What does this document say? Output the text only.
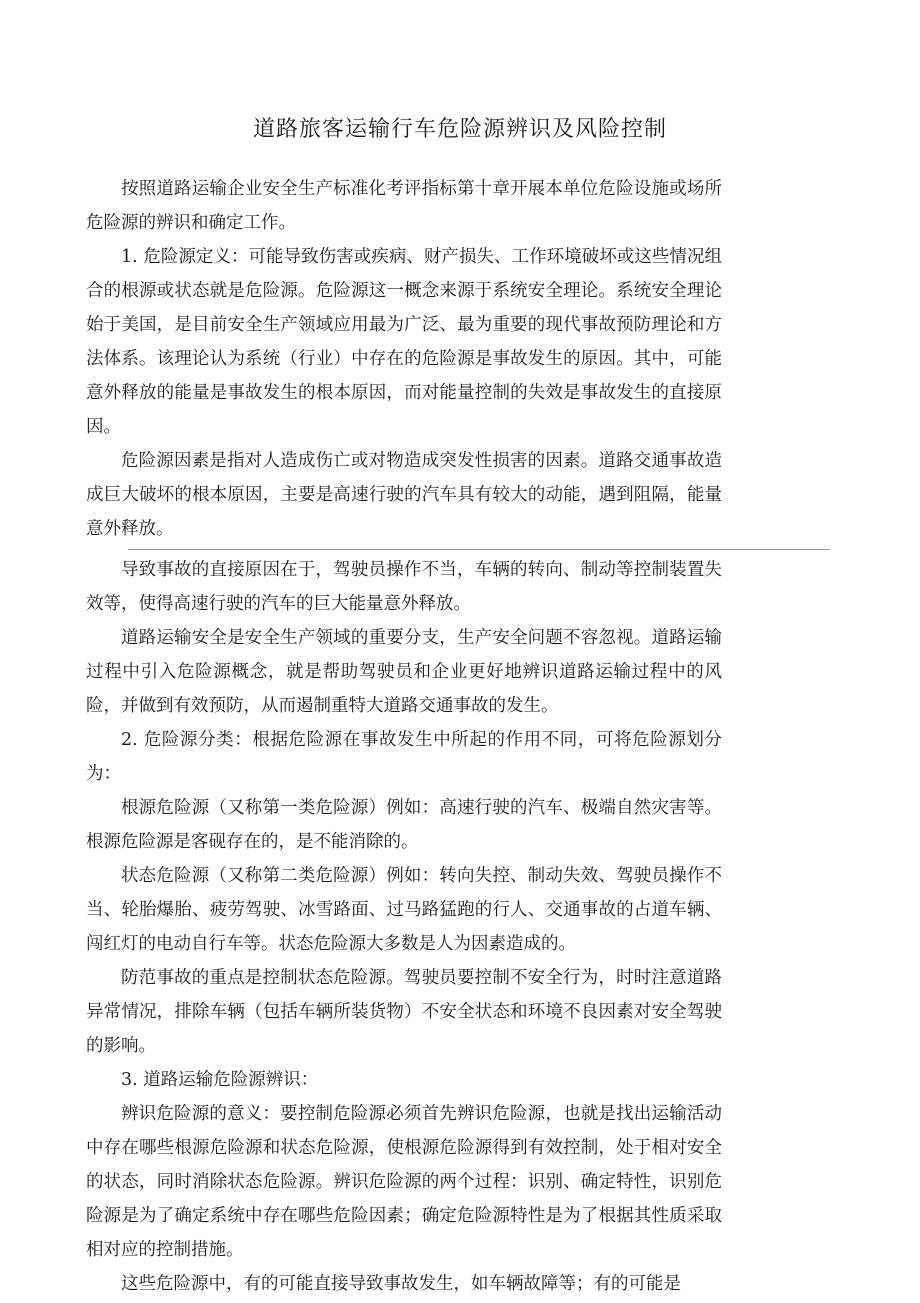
道路旅客运输行车危险源辨识及风险控制

按照道路运输企业安全生产标准化考评指标第十章开展本单位危险设施或场所危险源的辨识和确定工作。

1. 危险源定义：可能导致伤害或疾病、财产损失、工作环境破坏或这些情况组合的根源或状态就是危险源。危险源这一概念来源于系统安全理论。系统安全理论始于美国，是目前安全生产领域应用最为广泛、最为重要的现代事故预防理论和方法体系。该理论认为系统（行业）中存在的危险源是事故发生的原因。其中，可能意外释放的能量是事故发生的根本原因，而对能量控制的失效是事故发生的直接原因。

危险源因素是指对人造成伤亡或对物造成突发性损害的因素。道路交通事故造成巨大破坏的根本原因，主要是高速行驶的汽车具有较大的动能，遇到阻隔，能量意外释放。

导致事故的直接原因在于，驾驶员操作不当，车辆的转向、制动等控制装置失效等，使得高速行驶的汽车的巨大能量意外释放。

道路运输安全是安全生产领域的重要分支，生产安全问题不容忽视。道路运输过程中引入危险源概念，就是帮助驾驶员和企业更好地辨识道路运输过程中的风险，并做到有效预防，从而遏制重特大道路交通事故的发生。

2. 危险源分类：根据危险源在事故发生中所起的作用不同，可将危险源划分为：

根源危险源（又称第一类危险源）例如：高速行驶的汽车、极端自然灾害等。根源危险源是客砚存在的，是不能消除的。

状态危险源（又称第二类危险源）例如：转向失控、制动失效、驾驶员操作不当、轮胎爆胎、疲劳驾驶、冰雪路面、过马路猛跑的行人、交通事故的占道车辆、闯红灯的电动自行车等。状态危险源大多数是人为因素造成的。

防范事故的重点是控制状态危险源。驾驶员要控制不安全行为，时时注意道路异常情况，排除车辆（包括车辆所装货物）不安全状态和环境不良因素对安全驾驶的影响。

3. 道路运输危险源辨识：

辨识危险源的意义：要控制危险源必须首先辨识危险源，也就是找出运输活动中存在哪些根源危险源和状态危险源，使根源危险源得到有效控制，处于相对安全的状态，同时消除状态危险源。辨识危险源的两个过程：识别、确定特性，识别危险源是为了确定系统中存在哪些危险因素；确定危险源特性是为了根据其性质采取相对应的控制措施。

这些危险源中，有的可能直接导致事故发生，如车辆故障等；有的可能是
